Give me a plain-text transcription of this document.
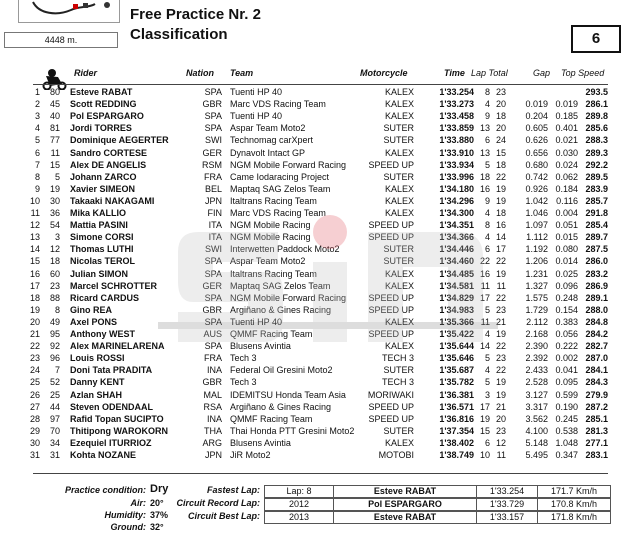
4448 m.
Free Practice Nr. 2
Classification	6
Rider	Nation Team	Motorcycle	Time Lap Total	Gap Top Speed
1	80 Esteve RABAT	SPA Tuenti HP 40	KALEX	1'33.254	8 23	293.5
2	45 Scott REDDING	GBR Marc VDS Racing Team	KALEX	1'33.273	4 20	0.019 0.019 286.1
3	40 Pol ESPARGARO	SPA Tuenti HP 40	KALEX	1'33.458	9 18	0.204 0.185 289.8
4	81 Jordi TORRES	SPA Aspar Team Moto2	SUTER	1'33.859 13 20	0.605 0.401 285.6
5	77 Dominique AEGERTER	SWI Technomag carXpert	SUTER	1'33.880	6 24	0.626 0.021 288.3
6	11 Sandro CORTESE	GER Dynavolt Intact GP	KALEX	1'33.910 13 15	0.656 0.030 289.3
7	15 Alex DE ANGELIS	RSM NGM Mobile Forward Racing	SPEED UP	1'33.934	5 18	0.680 0.024 292.2
8	5 Johann ZARCO	FRA Came Iodaracing Project	SUTER	1'33.996 18 22	0.742 0.062 289.5
9	19 Xavier SIMEON	BEL Maptaq SAG Zelos Team	KALEX	1'34.180 16 19	0.926 0.184 283.9
10	30 Takaaki NAKAGAMI	JPN Italtrans Racing Team	KALEX	1'34.296	9 19	1.042 0.116 285.7
11	36 Mika KALLIO	FIN Marc VDS Racing Team	KALEX	1'34.300	4 18	1.046 0.004 291.8
12	54 Mattia PASINI	ITA NGM Mobile Racing	SPEED UP	1'34.351	8 16	1.097 0.051 285.4
13	3 Simone CORSI	ITA NGM Mobile Racing	SPEED UP	1'34.366	4 14	1.112 0.015 289.7
14	12 Thomas LUTHI	SWI Interwetten Paddock Moto2	SUTER	1'34.446	6 17	1.192 0.080 287.5
15	18 Nicolas TEROL	SPA Aspar Team Moto2	SUTER	1'34.460 22 22	1.206 0.014 286.0
16	60 Julian SIMON	SPA Italtrans Racing Team	KALEX	1'34.485 16 19	1.231 0.025 283.2
17	23 Marcel SCHROTTER	GER Maptaq SAG Zelos Team	KALEX	1'34.581 11 11	1.327 0.096 286.9
18	88 Ricard CARDUS	SPA NGM Mobile Forward Racing	SPEED UP	1'34.829 17 22	1.575 0.248 289.1
19	8 Gino REA	GBR Argiñano & Gines Racing	SPEED UP	1'34.983	5 23	1.729 0.154 288.0
20	49 Axel PONS	SPA Tuenti HP 40	KALEX	1'35.366 11 21	2.112 0.383 284.8
21	95 Anthony WEST	AUS QMMF Racing Team	SPEED UP	1'35.422	4 19	2.168 0.056 284.2
22	92 Alex MARINELARENA	SPA Blusens Avintia	KALEX	1'35.644 14 22	2.390 0.222 282.7
23	96 Louis ROSSI	FRA Tech 3	TECH 3	1'35.646	5 23	2.392 0.002 287.0
24	7 Doni Tata PRADITA	INA Federal Oil Gresini Moto2	SUTER	1'35.687	4 22	2.433 0.041 284.1
25	52 Danny KENT	GBR Tech 3	TECH 3	1'35.782	5 19	2.528 0.095 284.3
26	25 Azlan SHAH	MAL IDEMITSU Honda Team Asia	MORIWAKI	1'36.381	3 19	3.127 0.599 279.9
27	44 Steven ODENDAAL	RSA Argiñano & Gines Racing	SPEED UP	1'36.571 17 21	3.317 0.190 287.2
28	97 Rafid Topan SUCIPTO	INA QMMF Racing Team	SPEED UP	1'36.816 19 20	3.562 0.245 285.1
29	70 Thitipong WAROKORN	THA Thai Honda PTT Gresini Moto2	SUTER	1'37.354 15 23	4.100 0.538 281.3
30	34 Ezequiel ITURRIOZ	ARG Blusens Avintia	KALEX	1'38.402	6 12	5.148 1.048 277.1
31	31 Kohta NOZANE	JPN JiR Moto2	MOTOBI	1'38.749 10 11	5.495 0.347 283.1
Practice condition: Dry
Air: 20°
Humidity: 37%
Ground: 32°
Fastest Lap:	Lap: 8	Esteve RABAT	1'33.254	171.7 Km/h
Circuit Record Lap:	2012	Pol ESPARGARO	1'33.729	170.8 Km/h
Circuit Best Lap:	2013	Esteve RABAT	1'33.157	171.8 Km/h
